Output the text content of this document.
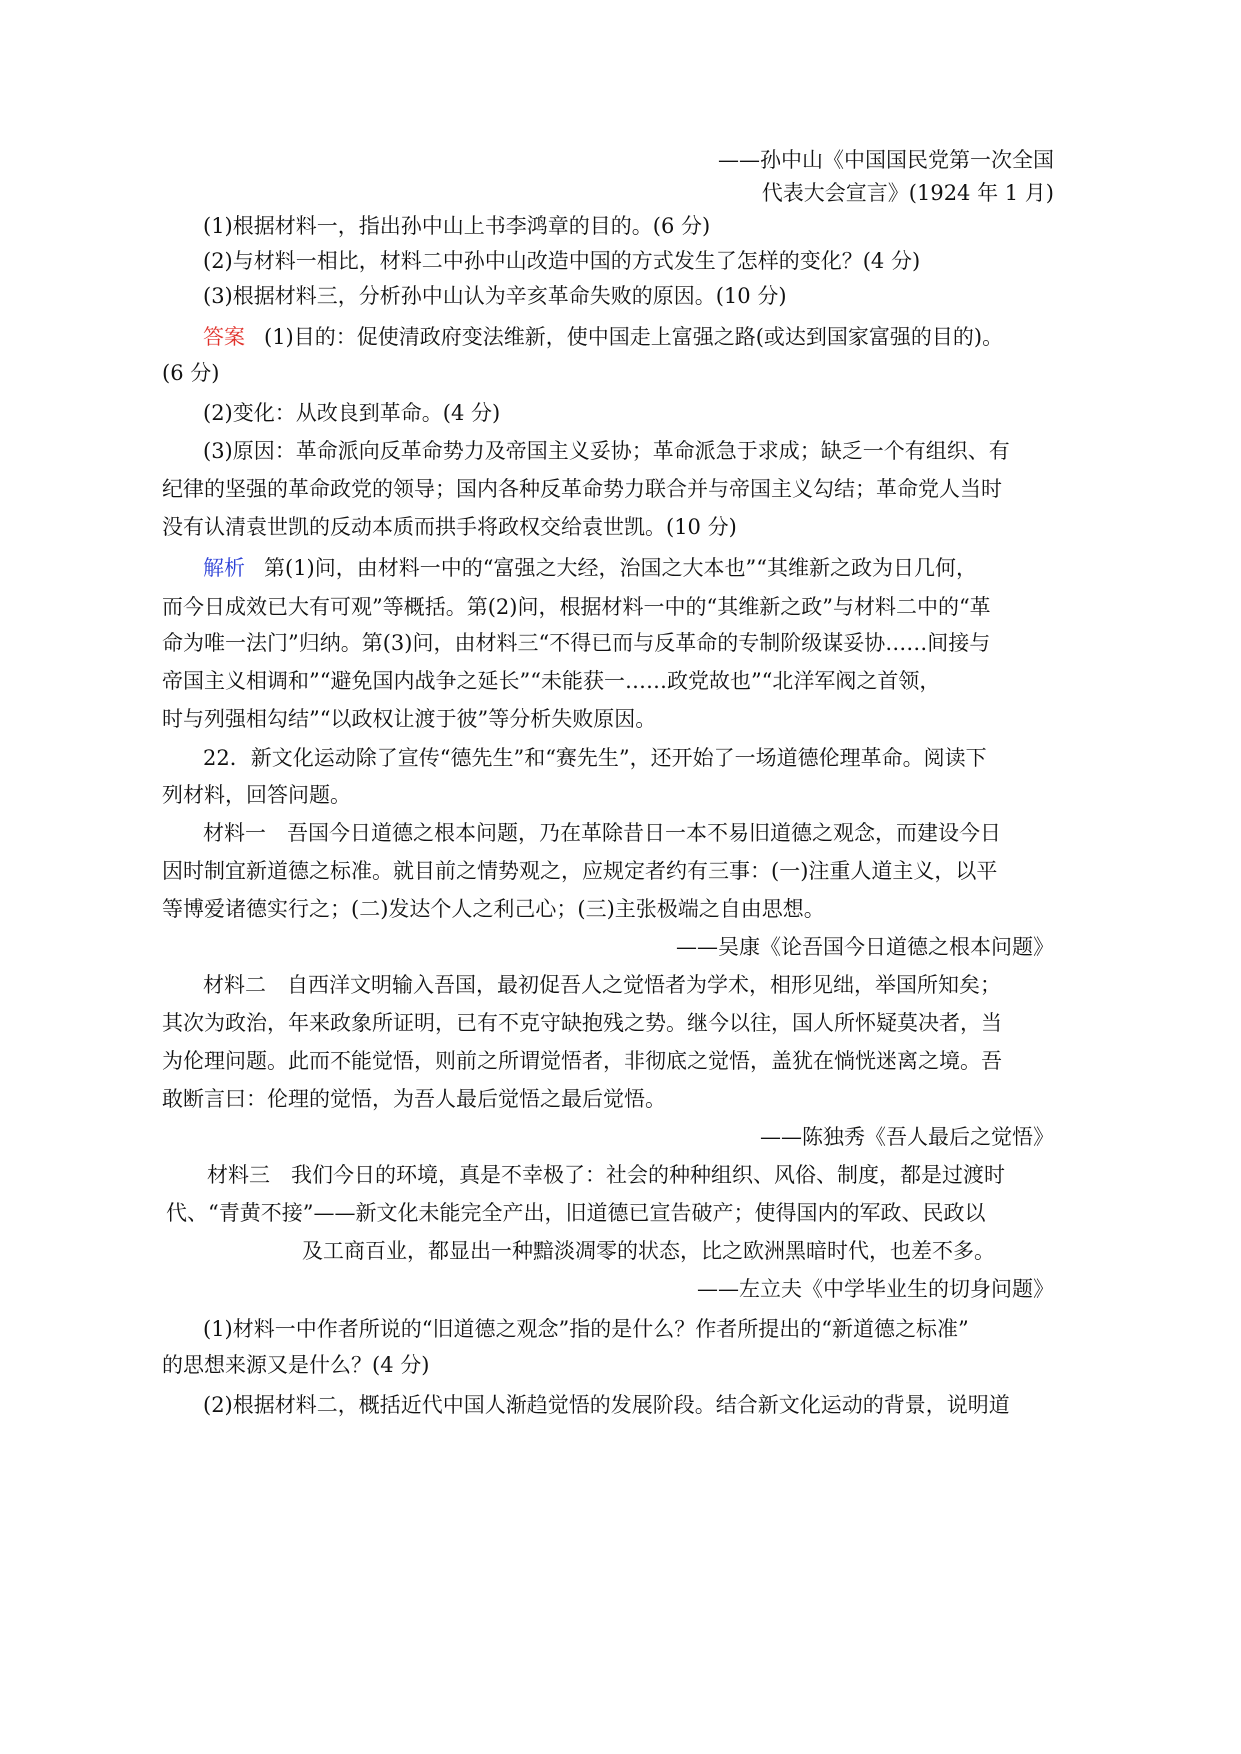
——孙中山《中国国民党第一次全国
代表大会宣言》(1924 年 1 月)
(1)根据材料一，指出孙中山上书李鸿章的目的。(6 分)
(2)与材料一相比，材料二中孙中山改造中国的方式发生了怎样的变化？(4 分)
(3)根据材料三，分析孙中山认为辛亥革命失败的原因。(10 分)
答案 (1)目的：促使清政府变法维新，使中国走上富强之路(或达到国家富强的目的)。
(6 分)
(2)变化：从改良到革命。(4 分)
(3)原因：革命派向反革命势力及帝国主义妥协；革命派急于求成；缺乏一个有组织、有
纪律的坚强的革命政党的领导；国内各种反革命势力联合并与帝国主义勾结；革命党人当时
没有认清袁世凯的反动本质而拱手将政权交给袁世凯。(10 分)
解析 第(1)问，由材料一中的“富强之大经，治国之大本也”“其维新之政为日几何，
而今日成效已大有可观”等概括。第(2)问，根据材料一中的“其维新之政”与材料二中的“革
命为唯一法门”归纳。第(3)问，由材料三“不得已而与反革命的专制阶级谋妥协……间接与
帝国主义相调和”“避免国内战争之延长”“未能获一……政党故也”“北洋军阀之首领，
时与列强相勾结”“以政权让渡于彼”等分析失败原因。
22．新文化运动除了宣传“德先生”和“赛先生”，还开始了一场道德伦理革命。阅读下
列材料，回答问题。
材料一　吾国今日道德之根本问题，乃在革除昔日一本不易旧道德之观念，而建设今日
因时制宜新道德之标准。就目前之情势观之，应规定者约有三事：(一)注重人道主义，以平
等博爱诸德实行之；(二)发达个人之利己心；(三)主张极端之自由思想。
——吴康《论吾国今日道德之根本问题》
材料二　自西洋文明输入吾国，最初促吾人之觉悟者为学术，相形见绌，举国所知矣；
其次为政治，年来政象所证明，已有不克守缺抱残之势。继今以往，国人所怀疑莫决者，当
为伦理问题。此而不能觉悟，则前之所谓觉悟者，非彻底之觉悟，盖犹在惝恍迷离之境。吾
敢断言曰：伦理的觉悟，为吾人最后觉悟之最后觉悟。
——陈独秀《吾人最后之觉悟》
材料三　我们今日的环境，真是不幸极了：社会的种种组织、风俗、制度，都是过渡时
代、“青黄不接”——新文化未能完全产出，旧道德已宣告破产；使得国内的军政、民政以
及工商百业，都显出一种黯淡凋零的状态，比之欧洲黑暗时代，也差不多。
——左立夫《中学毕业生的切身问题》
(1)材料一中作者所说的“旧道德之观念”指的是什么？作者所提出的“新道德之标准”
的思想来源又是什么？(4 分)
(2)根据材料二，概括近代中国人渐趋觉悟的发展阶段。结合新文化运动的背景，说明道
